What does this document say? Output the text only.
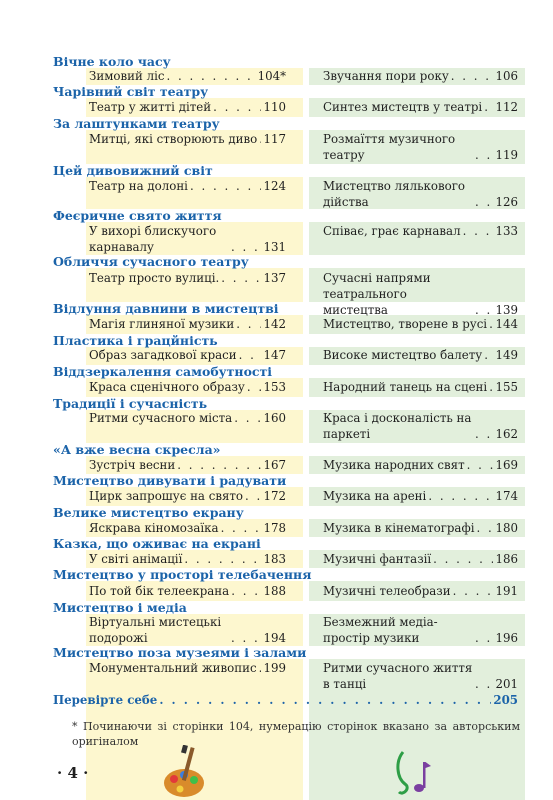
Вічне коло часу
Зимовий ліс . . .	104*	Звучання пори року . . .	106
Чарівний світ театру
Театр у житті дітей . . .	110	Синтез мистецтв у театрі . . . 112
За лаштунками театру
Митці, які створюють диво . . . 117	Розмаїття музичного театру . . .	119
Цей дивовижний світ
Театр на долоні . . .	124	Мистецтво лялькового дійства . . .	126
Феєричне свято життя
У вихорі блискучого карнавалу . . .	131
Співає, грає карнавал . . .	133
Обличчя сучасного театру
Театр просто вулиці. . . .	137	Сучасні напрями театрального мистецтва . . .	139
Відлуння давнини в мистецтві
Магія глиняної музики . . . 142	Мистецтво, творене в русі . . . 144
Пластика і грацйність
Образ загадкової краси . . . 147	Високе мистецтво балету . . . 149
Віддзеркалення самобутності
Краса сценічного образу . . . 153	Народний танець на сцені . . . 155
Традиції і сучасність
Ритми сучасного міста . . .	160	Краса і досконалість на паркеті . . .	162
«А вже весна скресла»
Зустріч весни . . .	167	Музика народних свят . . .	169
Мистецтво дивувати і радувати
Цирк запрошує на свято . . . 172	Музика на арені . . .	174
Велике мистецтво екрану
Яскрава кіномозаїка . . .	178	Музика в кінематографі . . . 180
Казка, що оживає на екрані
У світі анімації . . .	183	Музичні фантазії . . .	186
Мистецтво у просторі телебачення
По той бік телеекрана . . .	188	Музичні телеобрази . . .	191
Мистецтво і медіа
Віртуальні мистецькі подорожі . . .	194
Безмежний медіа-простір музики . . .	196
Мистецтво поза музеями і залами
Монументальний живопис . . . 199	Ритми сучасного життя в танці . . .	201
Перевірте себе . . .	205
* Починаючи зі сторінки 104, нумерацію сторінок вказано за авторським оригіналом
· 4 ·
